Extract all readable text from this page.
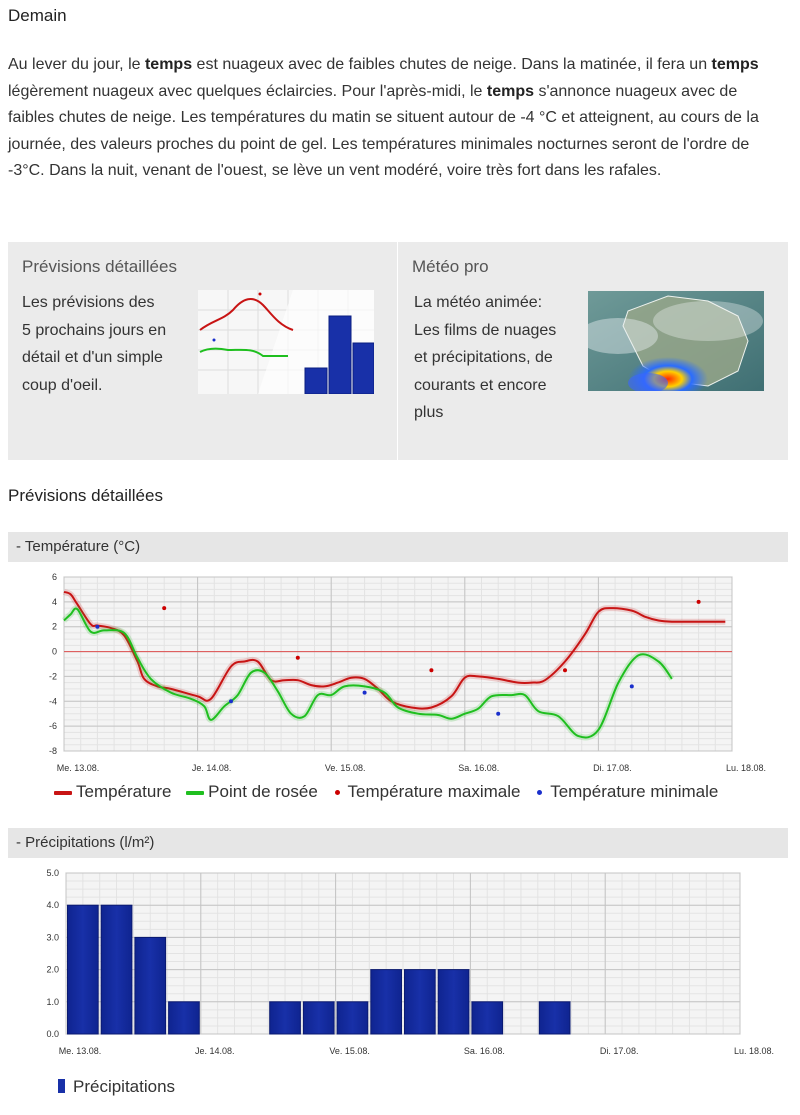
Demain

Au lever du jour, le temps est nuageux avec de faibles chutes de neige. Dans la matinée, il fera un temps légèrement nuageux avec quelques éclaircies. Pour l'après-midi, le temps s'annonce nuageux avec de faibles chutes de neige. Les températures du matin se situent autour de -4 °C et atteignent, au cours de la journée, des valeurs proches du point de gel. Les températures minimales nocturnes seront de l'ordre de -3°C. Dans la nuit, venant de l'ouest, se lève un vent modéré, voire très fort dans les rafales.

Prévisions détaillées

Les prévisions des
5 prochains jours en
détail et d'un simple
coup d'oeil.

Météo pro

La météo animée:
Les films de nuages
et précipitations, de
courants et encore
plus

Prévisions détaillées
- Température (°C)
6
4
2
0
-2
-4
-6
-8
Me. 13.08.	Je. 14.08.	Ve. 15.08.	Sa. 16.08.	Di. 17.08.	Lu. 18.08.
Température Point de rosée Température maximale Température minimale
- Précipitations (l/m²)
5.0
4.0
3.0
2.0
1.0
0.0
Me. 13.08.	Je. 14.08.	Ve. 15.08.	Sa. 16.08.	Di. 17.08.	Lu. 18.08.
Précipitations
